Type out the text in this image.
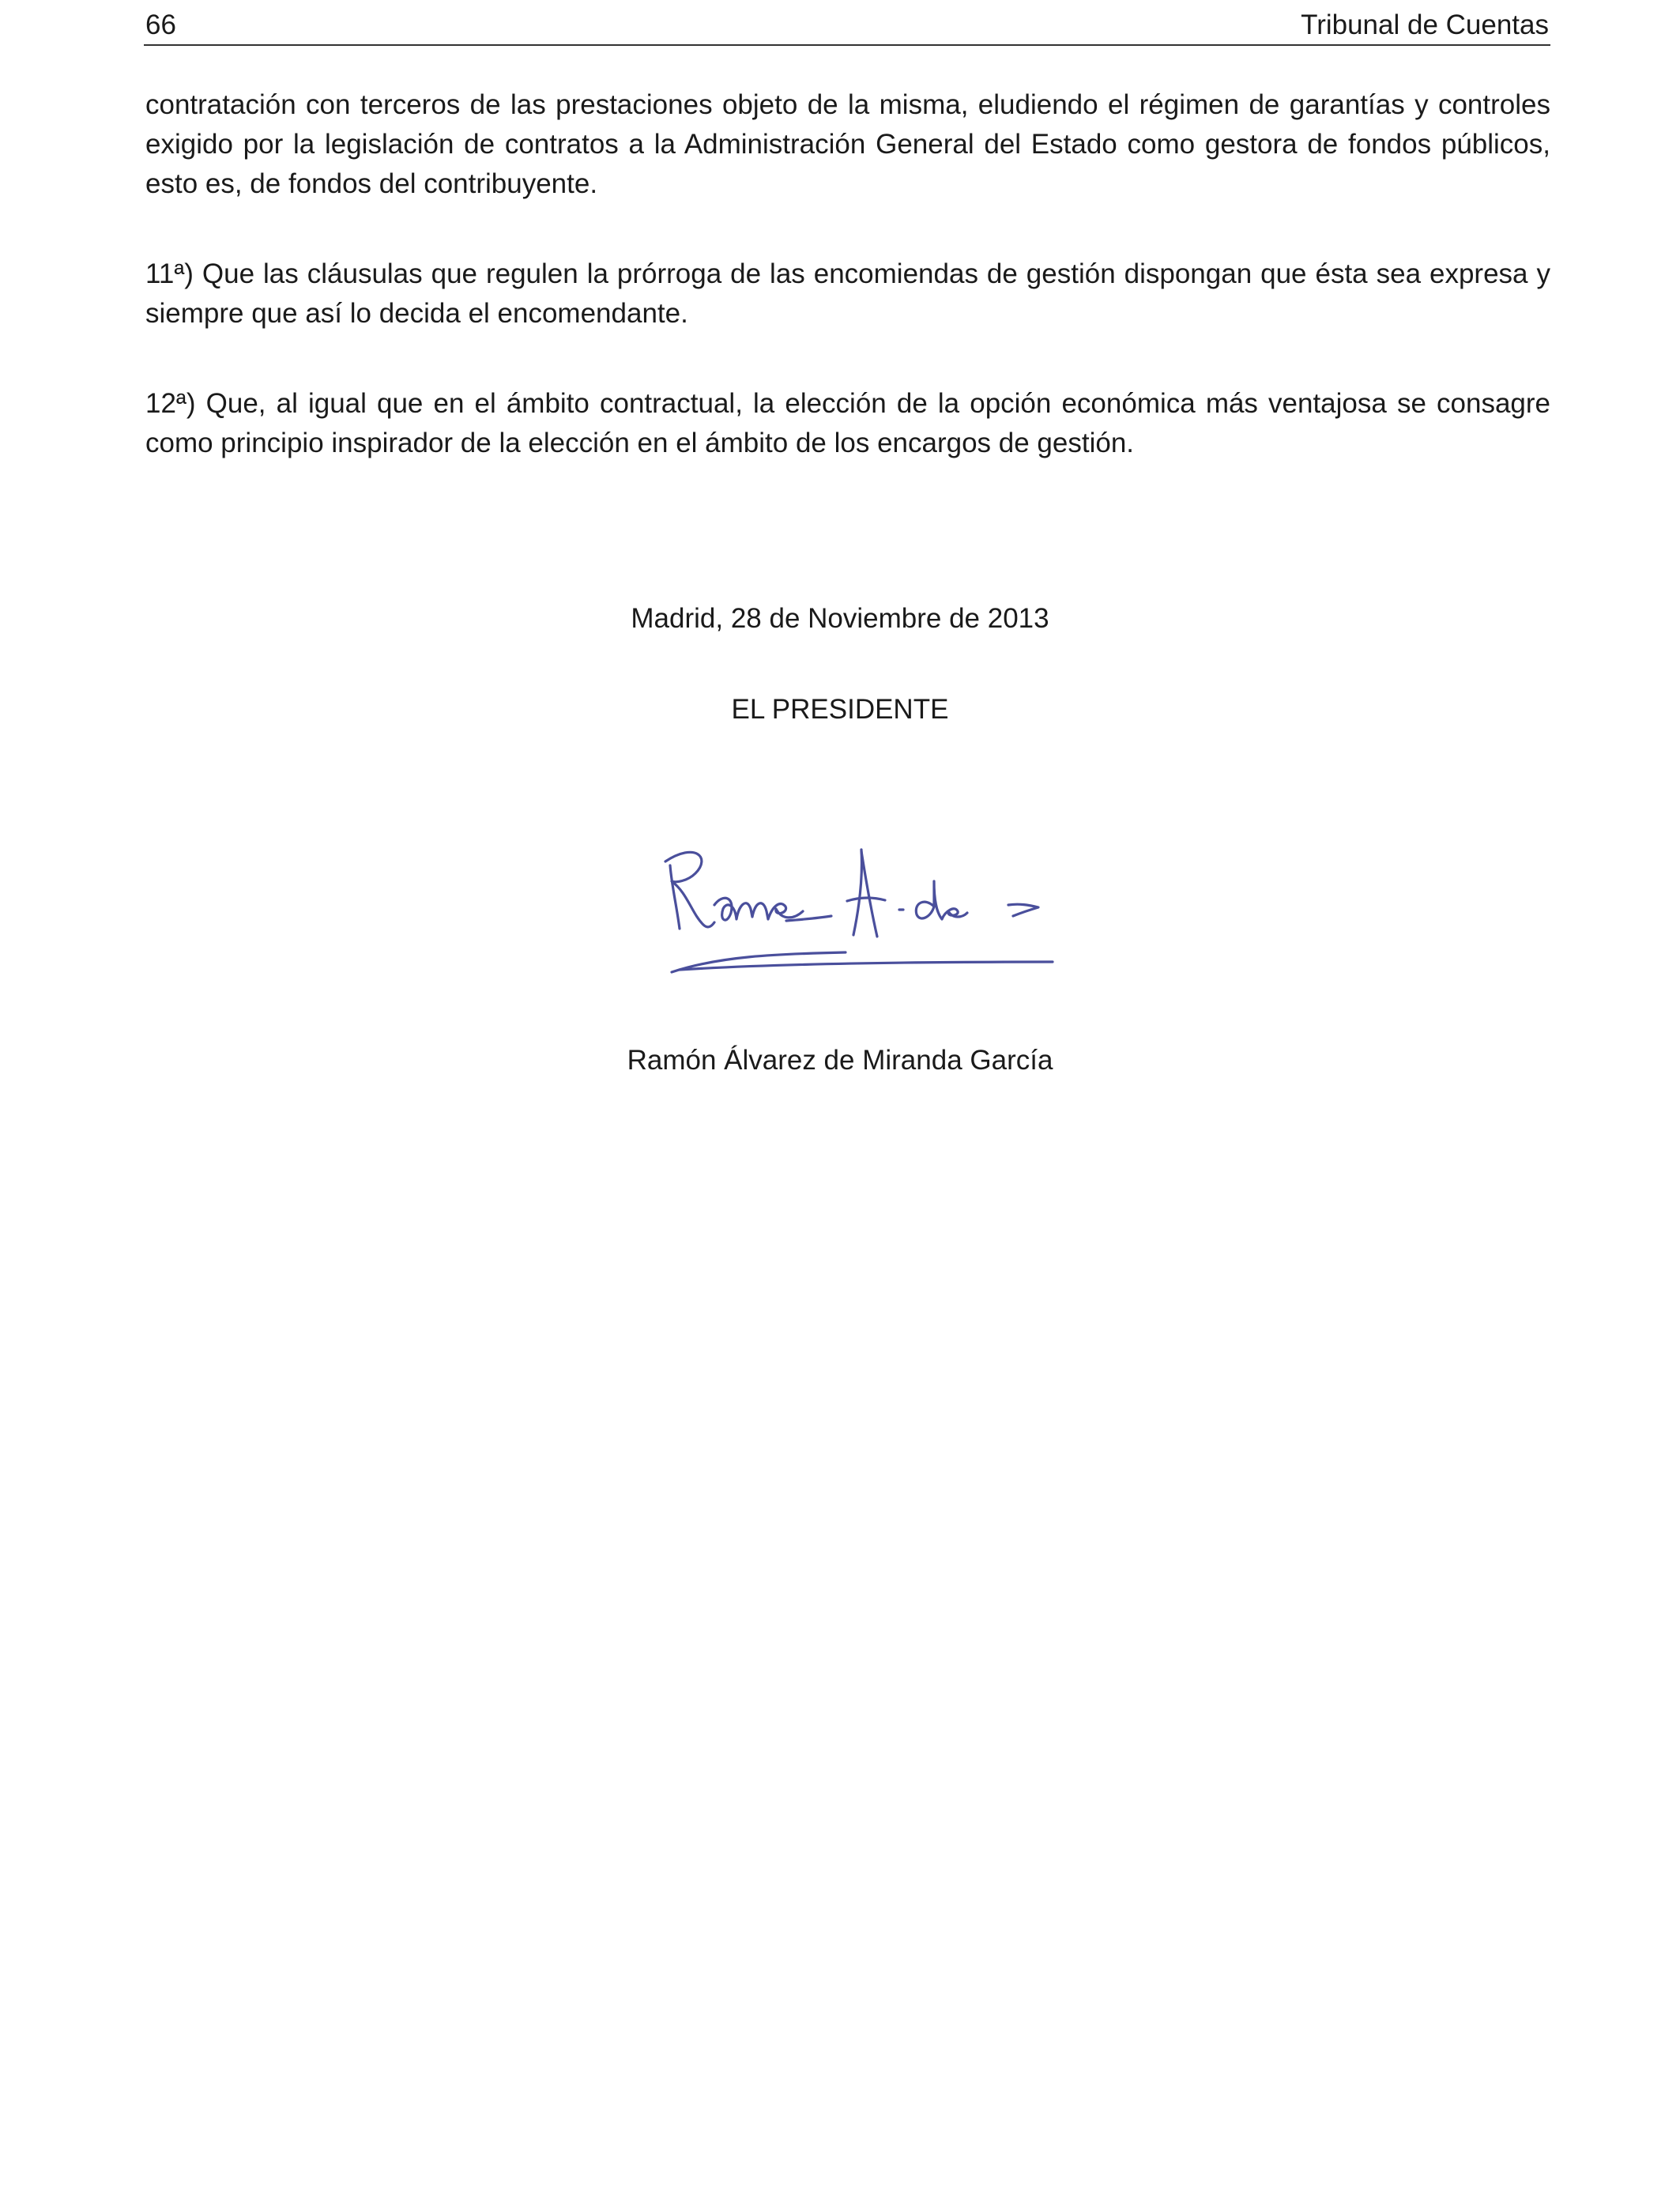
66	Tribunal de Cuentas

contratación con terceros de las prestaciones objeto de la misma, eludiendo el régimen de garantías y controles exigido por la legislación de contratos a la Administración General del Estado como gestora de fondos públicos, esto es, de fondos del contribuyente.

11ª) Que las cláusulas que regulen la prórroga de las encomiendas de gestión dispongan que ésta sea expresa y siempre que así lo decida el encomendante.

12ª) Que, al igual que en el ámbito contractual, la elección de la opción económica más ventajosa se consagre como principio inspirador de la elección en el ámbito de los encargos de gestión.

Madrid, 28 de Noviembre de 2013
EL PRESIDENTE
Ramón Álvarez de Miranda García
